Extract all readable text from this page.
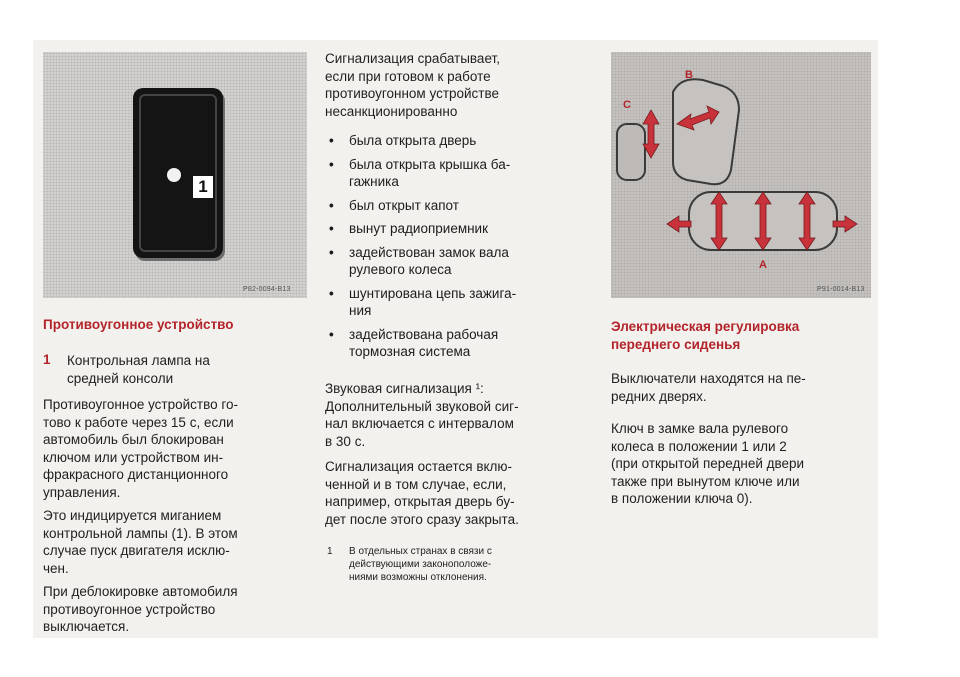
1
P82-0094-B13
Противоугонное устройство
1 Контрольная лампа на
средней консоли
Противоугонное устройство го-
тово к работе через 15 с, если
автомобиль был блокирован
ключом или устройством ин-
фракрасного дистанционного
управления.
Это индицируется миганием
контрольной лампы (1). В этом
случае пуск двигателя исклю-
чен.
При деблокировке автомобиля
противоугонное устройство
выключается.
Сигнализация срабатывает,
если при готовом к работе
противоугонном устройстве
несанкционированно
• была открыта дверь
• была открыта крышка ба-
гажника
• был открыт капот
• вынут радиоприемник
• задействован замок вала
рулевого колеса
• шунтирована цепь зажига-
ния
• задействована рабочая
тормозная система
Звуковая сигнализация ¹:
Дополнительный звуковой сиг-
нал включается с интервалом
в 30 с.
Сигнализация остается вклю-
ченной и в том случае, если,
например, открытая дверь бу-
дет после этого сразу закрыта.
1 В отдельных странах в связи с
действующими законоположе-
ниями возможны отклонения.
C
B
A
P91-0014-B13
Электрическая регулировка
переднего сиденья
Выключатели находятся на пе-
редних дверях.
Ключ в замке вала рулевого
колеса в положении 1 или 2
(при открытой передней двери
также при вынутом ключе или
в положении ключа 0).
